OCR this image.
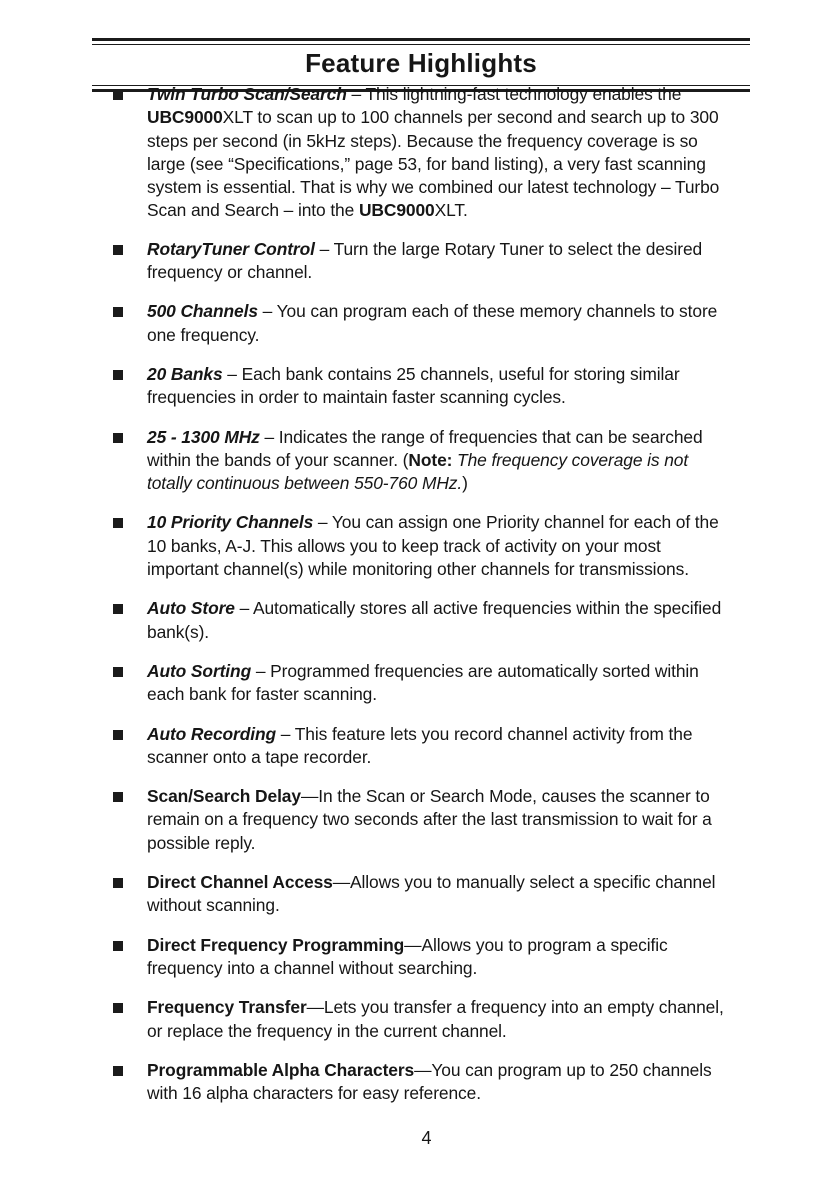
Feature Highlights

Twin Turbo Scan/Search – This lightning-fast technology enables the UBC9000XLT to scan up to 100 channels per second and search up to 300 steps per second (in 5kHz steps). Because the frequency coverage is so large (see “Specifications,” page 53, for band listing), a very fast scanning system is essential. That is why we combined our latest technology – Turbo Scan and Search – into the UBC9000XLT.

RotaryTuner Control – Turn the large Rotary Tuner to select the desired frequency or channel.

500 Channels – You can program each of these memory channels to store one frequency.

20 Banks – Each bank contains 25 channels, useful for storing similar frequencies in order to maintain faster scanning cycles.

25 - 1300 MHz – Indicates the range of frequencies that can be searched within the bands of your scanner. (Note: The frequency coverage is not totally continuous between 550-760 MHz.)

10 Priority Channels – You can assign one Priority channel for each of the 10 banks, A-J. This allows you to keep track of activity on your most important channel(s) while monitoring other channels for transmissions.

Auto Store – Automatically stores all active frequencies within the specified bank(s).

Auto Sorting – Programmed frequencies are automatically sorted within each bank for faster scanning.

Auto Recording – This feature lets you record channel activity from the scanner onto a tape recorder.

Scan/Search Delay—In the Scan or Search Mode, causes the scanner to remain on a frequency two seconds after the last transmission to wait for a possible reply.

Direct Channel Access—Allows you to manually select a specific channel without scanning.

Direct Frequency Programming—Allows you to program a specific frequency into a channel without searching.

Frequency Transfer—Lets you transfer a frequency into an empty channel, or replace the frequency in the current channel.

Programmable Alpha Characters—You can program up to 250 channels with 16 alpha characters for easy reference.

4
